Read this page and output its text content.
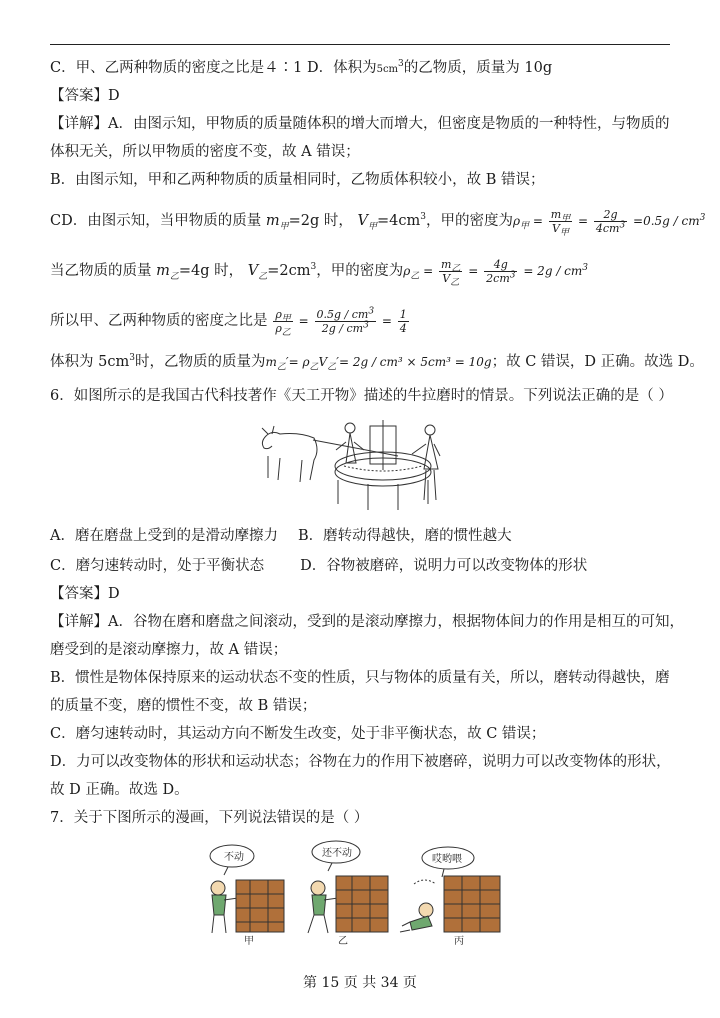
C．甲、乙两种物质的密度之比是４∶1 D．体积为$5cm^3$的乙物质，质量为 10g
【答案】D
【详解】A．由图示知，甲物质的质量随体积的增大而增大，但密度是物质的一种特性，与物质的
体积无关，所以甲物质的密度不变，故 A 错误；
B．由图示知，甲和乙两种物质的质量相同时，乙物质体积较小，故 B 错误；
CD．由图示知，当甲物质的质量 $m_甲=2g$ 时， $V_甲=4cm^3$，甲的密度为$\rho_甲 = \frac{m_甲}{V_甲} = \frac{2g}{4cm^3} =0.5g / cm^3$
当乙物质的质量 $m_乙=4g$ 时， $V_乙=2cm^3$，甲的密度为$\rho_乙 = \frac{m_乙}{V_乙} = \frac{4g}{2cm^3} = 2g / cm^3$
所以甲、乙两种物质的密度之比是 $\frac{\rho_甲}{\rho_乙} = \frac{0.5g / cm^3}{2g / cm^3} = \frac{1}{4}$
体积为 $5cm^3$时，乙物质的质量为$m_乙'= \rho_乙V_乙'= 2g / cm^3 \times 5cm^3 = 10g$；故 C 错误，D 正确。故选 D。
6．如图所示的是我国古代科技著作《天工开物》描述的牛拉磨时的情景。下列说法正确的是（ ）
A．磨在磨盘上受到的是滑动摩擦力 B．磨转动得越快，磨的惯性越大
C．磨匀速转动时，处于平衡状态 D．谷物被磨碎，说明力可以改变物体的形状
【答案】D
【详解】A．谷物在磨和磨盘之间滚动，受到的是滚动摩擦力，根据物体间力的作用是相互的可知，
磨受到的是滚动摩擦力，故 A 错误；
B．惯性是物体保持原来的运动状态不变的性质，只与物体的质量有关，所以，磨转动得越快，磨
的质量不变，磨的惯性不变，故 B 错误；
C．磨匀速转动时，其运动方向不断发生改变，处于非平衡状态，故 C 错误；
D．力可以改变物体的形状和运动状态；谷物在力的作用下被磨碎，说明力可以改变物体的形状，
故 D 正确。故选 D。
7．关于下图所示的漫画，下列说法错误的是（ ）
不动	还不动
哎哟喂
甲	乙	丙
第 15 页 共 34 页
